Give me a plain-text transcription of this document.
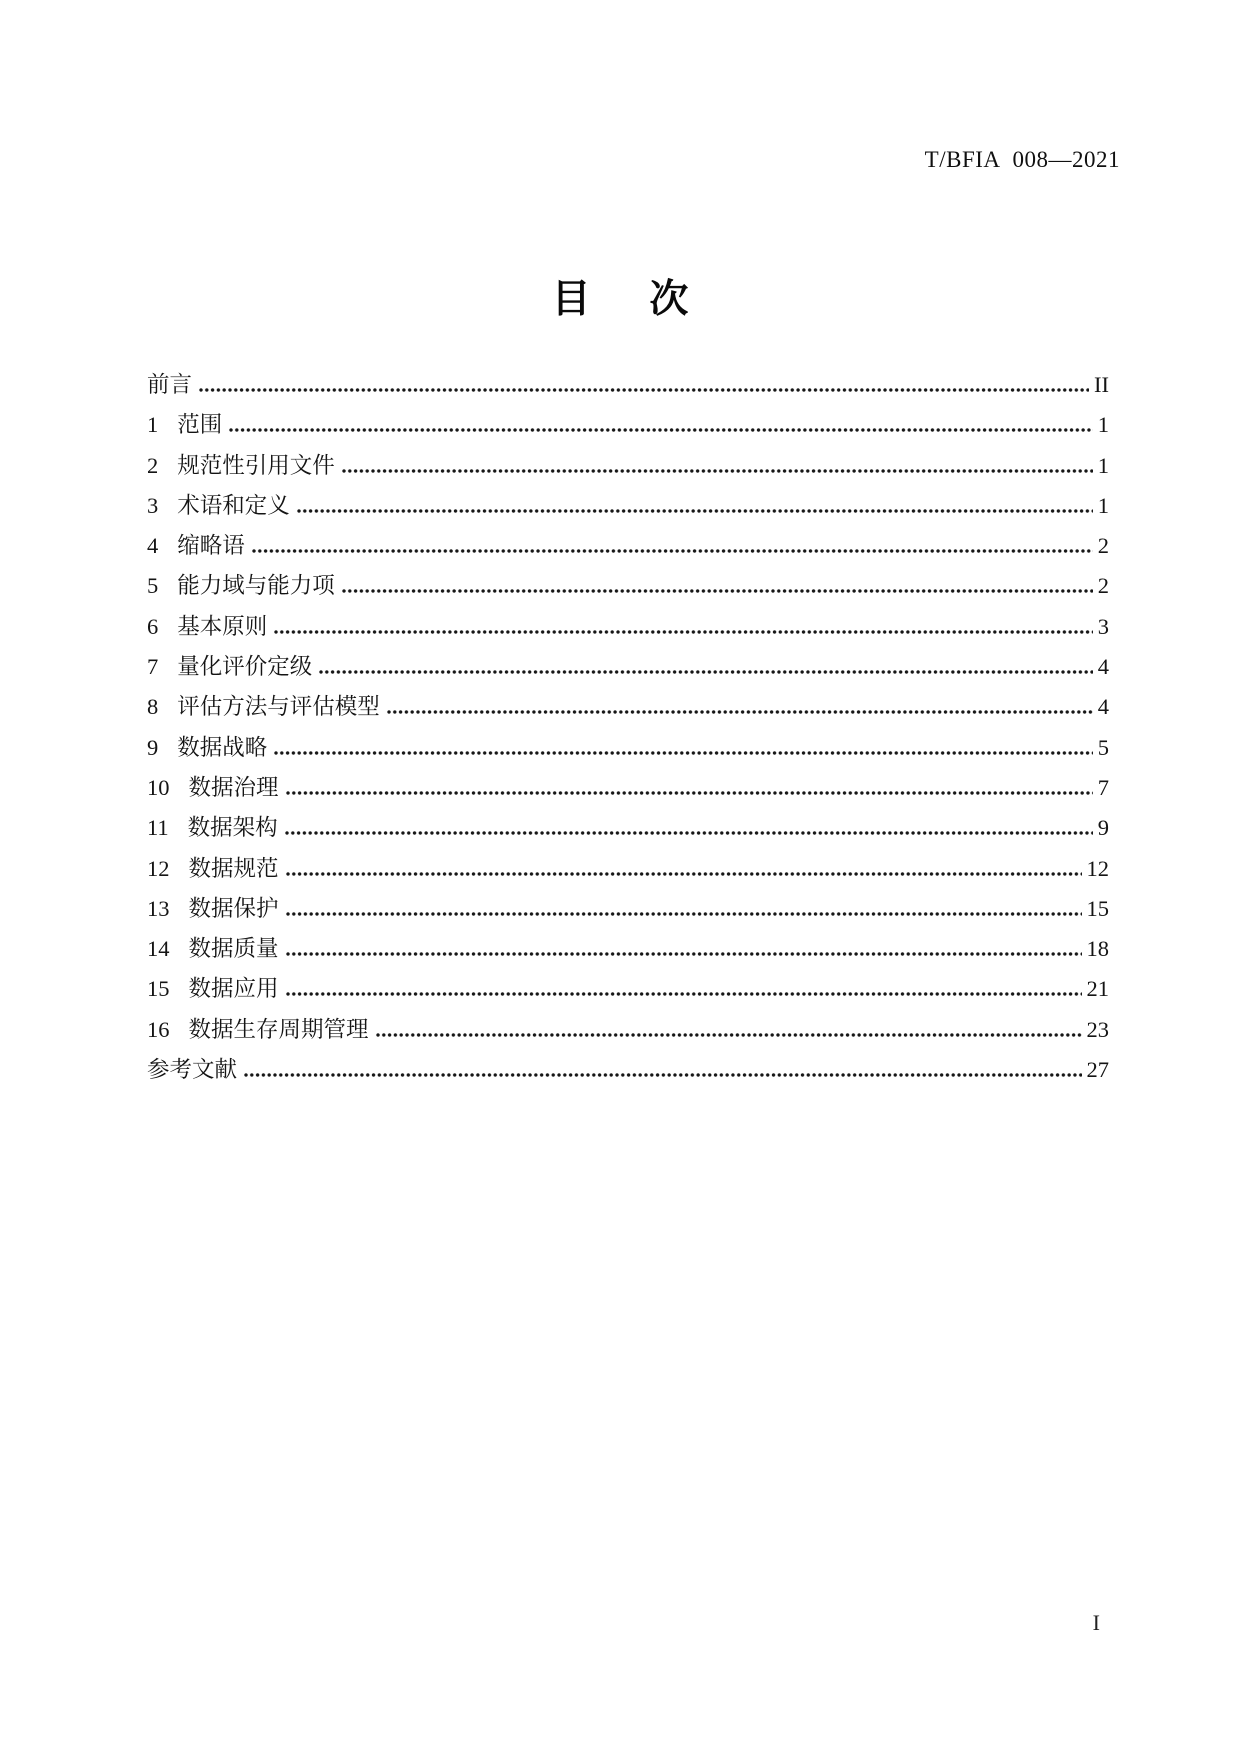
T/BFIA 008—2021
目 次
前言	II
1 范围	1
2 规范性引用文件	1
3 术语和定义	1
4 缩略语	2
5 能力域与能力项	2
6 基本原则	3
7 量化评价定级	4
8 评估方法与评估模型	4
9 数据战略	5
10 数据治理	7
11 数据架构	9
12 数据规范	12
13 数据保护	15
14 数据质量	18
15 数据应用	21
16 数据生存周期管理	23
参考文献	27
I
